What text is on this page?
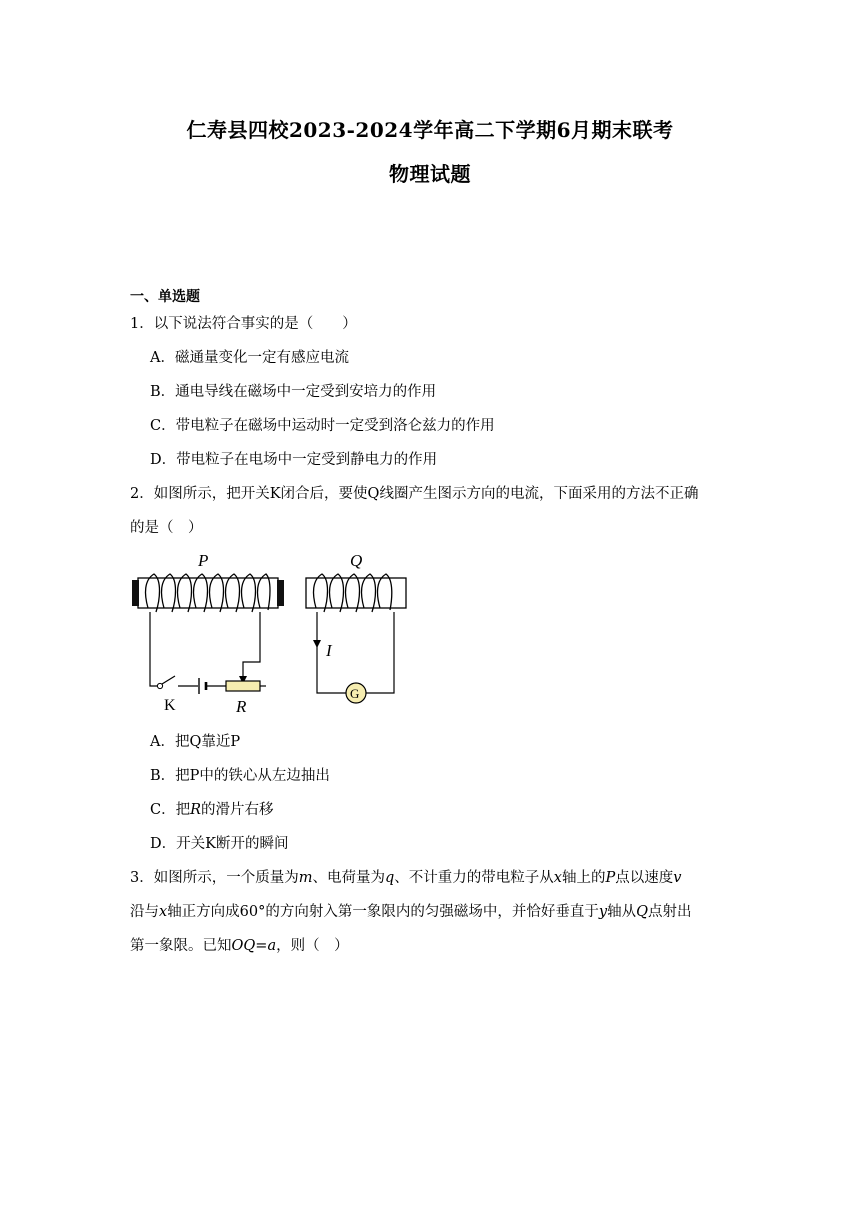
仁寿县四校2023-2024学年高二下学期6月期末联考
物理试题
一、单选题
1．以下说法符合事实的是（　　）
A．磁通量变化一定有感应电流
B．通电导线在磁场中一定受到安培力的作用
C．带电粒子在磁场中运动时一定受到洛仑兹力的作用
D．带电粒子在电场中一定受到静电力的作用
2．如图所示，把开关K闭合后，要使Q线圈产生图示方向的电流，下面采用的方法不正确
的是（　）
P
K	R
Q
I
G
A．把Q靠近P
B．把P中的铁心从左边抽出
C．把R的滑片右移
D．开关K断开的瞬间
3．如图所示，一个质量为m、电荷量为q、不计重力的带电粒子从x轴上的P点以速度v
沿与x轴正方向成60°的方向射入第一象限内的匀强磁场中，并恰好垂直于y轴从Q点射出
第一象限。已知OQ=a，则（　）
